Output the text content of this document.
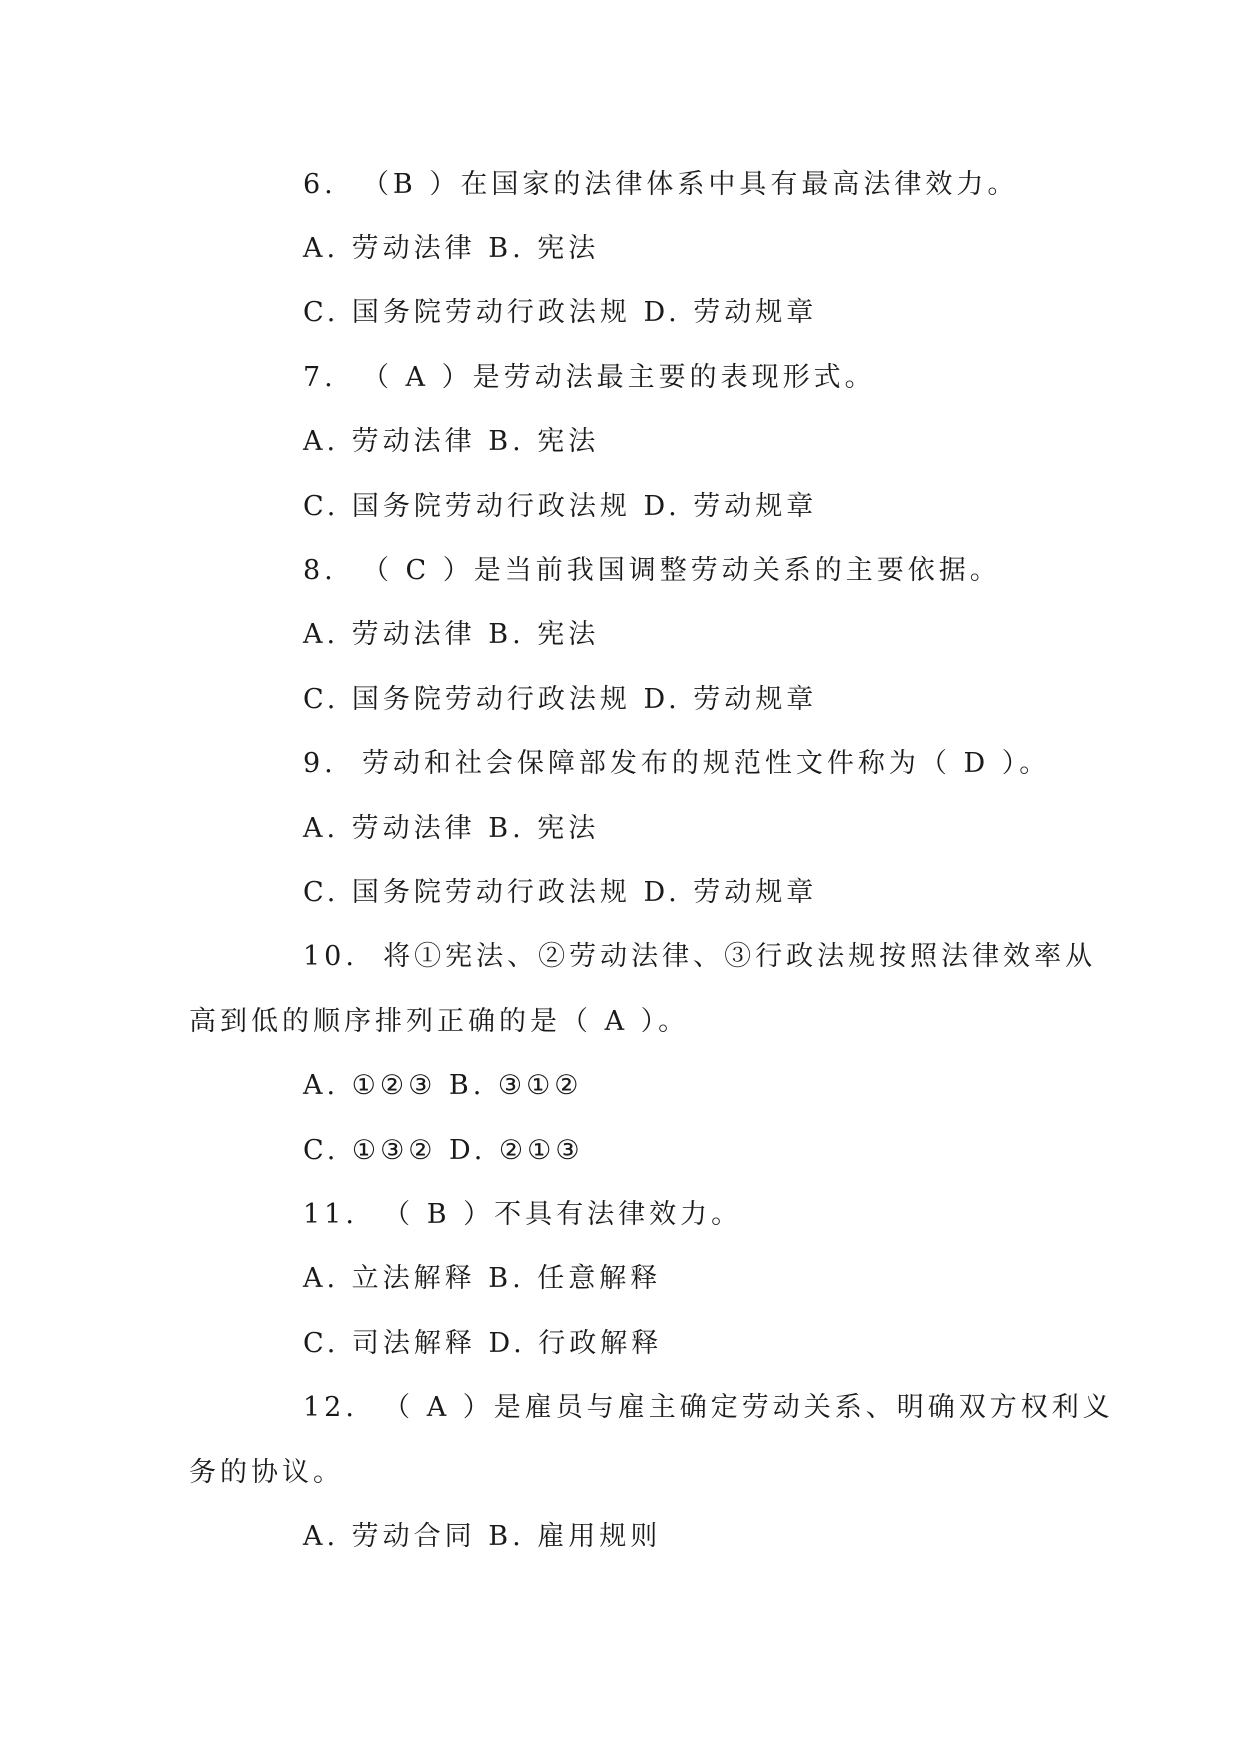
6. （B ）在国家的法律体系中具有最高法律效力。
A. 劳动法律 B. 宪法
C. 国务院劳动行政法规 D. 劳动规章
7. （ A ）是劳动法最主要的表现形式。
A. 劳动法律 B. 宪法
C. 国务院劳动行政法规 D. 劳动规章
8. （ C ）是当前我国调整劳动关系的主要依据。
A. 劳动法律 B. 宪法
C. 国务院劳动行政法规 D. 劳动规章
9. 劳动和社会保障部发布的规范性文件称为（ D ）。
A. 劳动法律 B. 宪法
C. 国务院劳动行政法规 D. 劳动规章
10. 将①宪法、②劳动法律、③行政法规按照法律效率从
高到低的顺序排列正确的是（ A ）。
A. ①②③ B. ③①②
C. ①③② D. ②①③
11. （ B ）不具有法律效力。
A. 立法解释 B. 任意解释
C. 司法解释 D. 行政解释
12. （ A ）是雇员与雇主确定劳动关系、明确双方权利义
务的协议。
A. 劳动合同 B. 雇用规则
